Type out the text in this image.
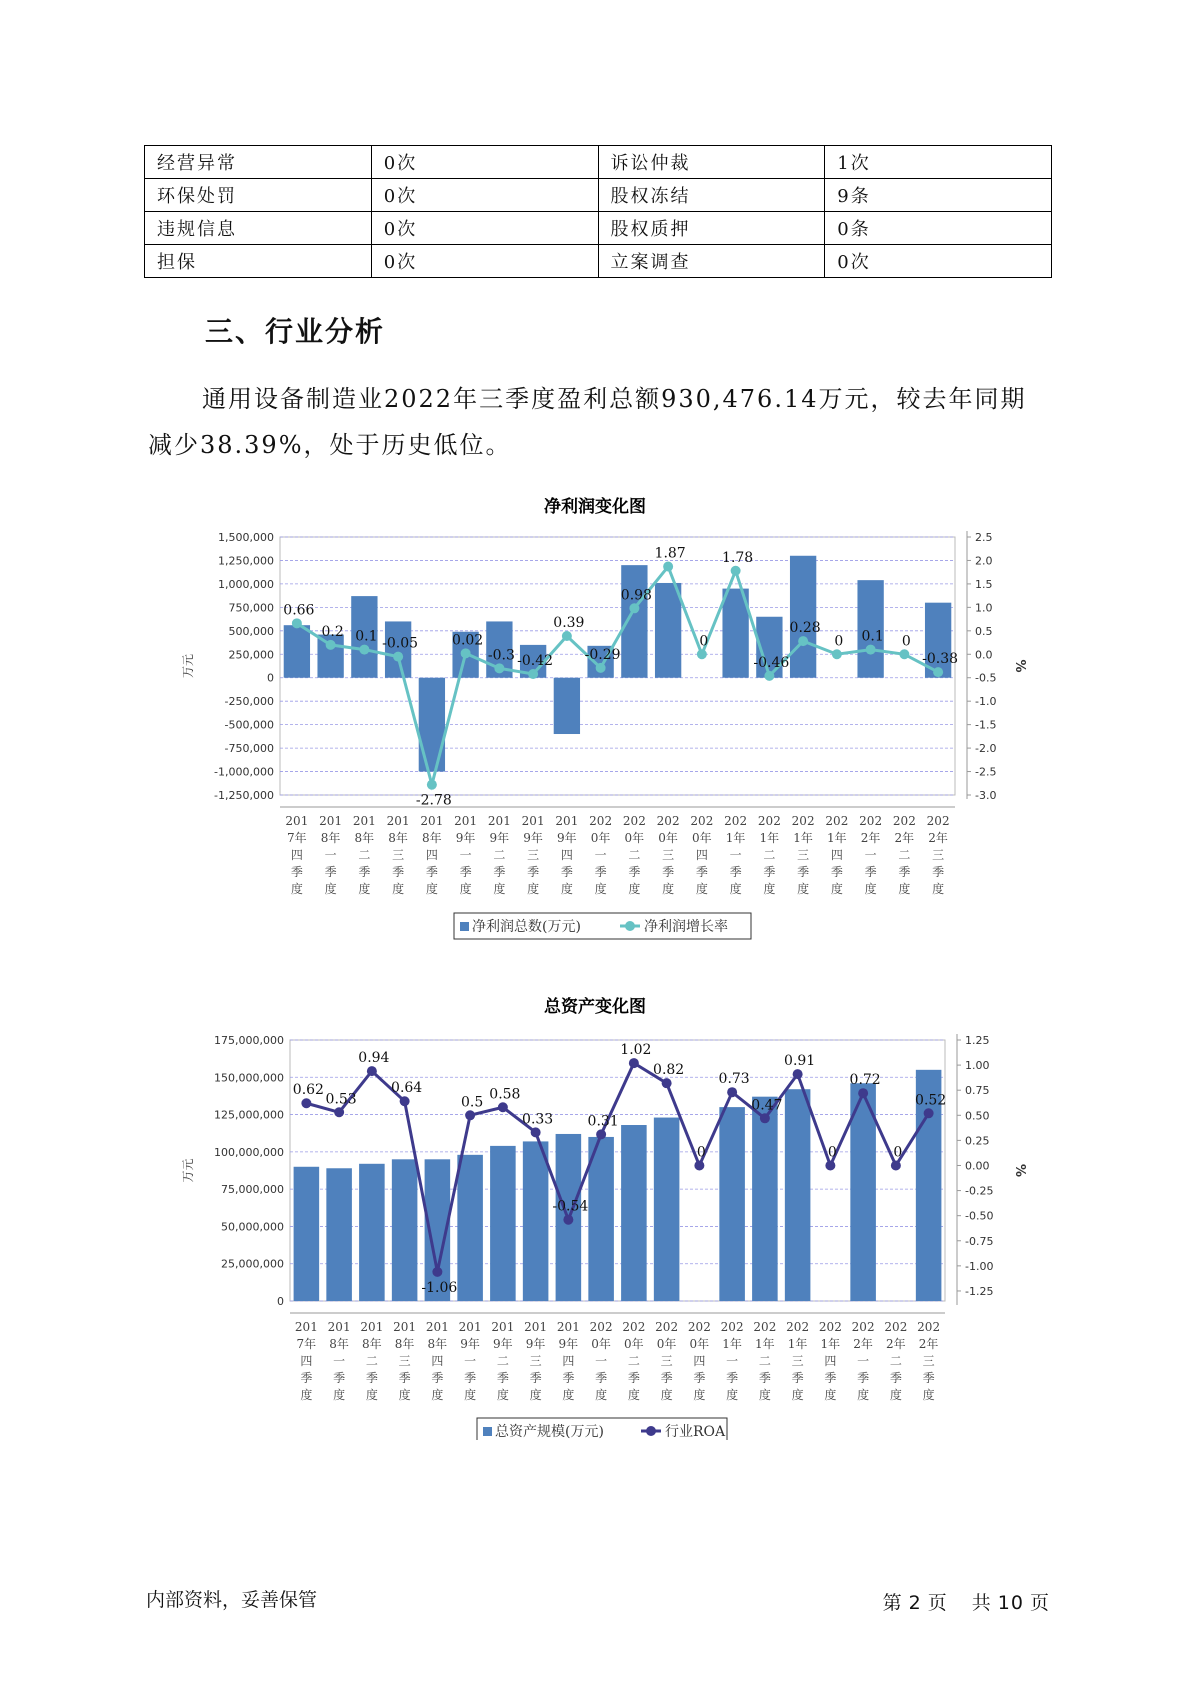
经营异常	0次	诉讼仲裁	1次
环保处罚	0次	股权冻结	9条
违规信息	0次	股权质押	0条
担保	0次	立案调查	0次
三、行业分析

通用设备制造业2022年三季度盈利总额930,476.14万元，较去年同期减少38.39%，处于历史低位。

净利润变化图
1,500,000
1,250,000
1,000,000
750,000
500,000
250,000
0
-250,000
-500,000
-750,000
-1,000,000
-1,250,000
2.5
2.0
1.5
1.0
0.5
0.0
-0.5
-1.0
-1.5
-2.0
-2.5
-3.0
万元	%
0.66
0.2 0.1 -0.05
-2.78
0.02
-0.3 -0.42
0.39
-0.29
0.98
1.87
0
1.78
-0.46
0.28
0 0.1 0
-0.38
201 7年四季度
201 8年一季度
201 8年二季度
201 8年三季度
201 8年四季度
201 9年一季度
201 9年二季度
201 9年三季度
201 9年四季度
202 0年一季度
202 0年二季度
202 0年三季度
202 0年四季度
202 1年一季度
202 1年二季度
202 1年三季度
202 1年四季度
202 2年一季度
202 2年二季度
202 2年三季度
净利润总数(万元)	净利润增长率
总资产变化图
175,000,000
150,000,000
125,000,000
100,000,000
75,000,000
50,000,000
25,000,000
0
1.25
1.00
0.75
0.50
0.25
0.00
-0.25
-0.50
-0.75
-1.00
-1.25
万元	%
0.62
0.53
0.94
0.64
-1.06
0.5
0.58
0.33
-0.54
0.31
1.02
0.82
0
0.73
0.47
0.91
0
0.72
0
0.52
201 7年四季度
201 8年一季度
201 8年二季度
201 8年三季度
201 8年四季度
201 9年一季度
201 9年二季度
201 9年三季度
201 9年四季度
202 0年一季度
202 0年二季度
202 0年三季度
202 0年四季度
202 1年一季度
202 1年二季度
202 1年三季度
202 1年四季度
202 2年一季度
202 2年二季度
202 2年三季度
总资产规模(万元)	行业ROA
内部资料，妥善保管	第 2 页 共 10 页
